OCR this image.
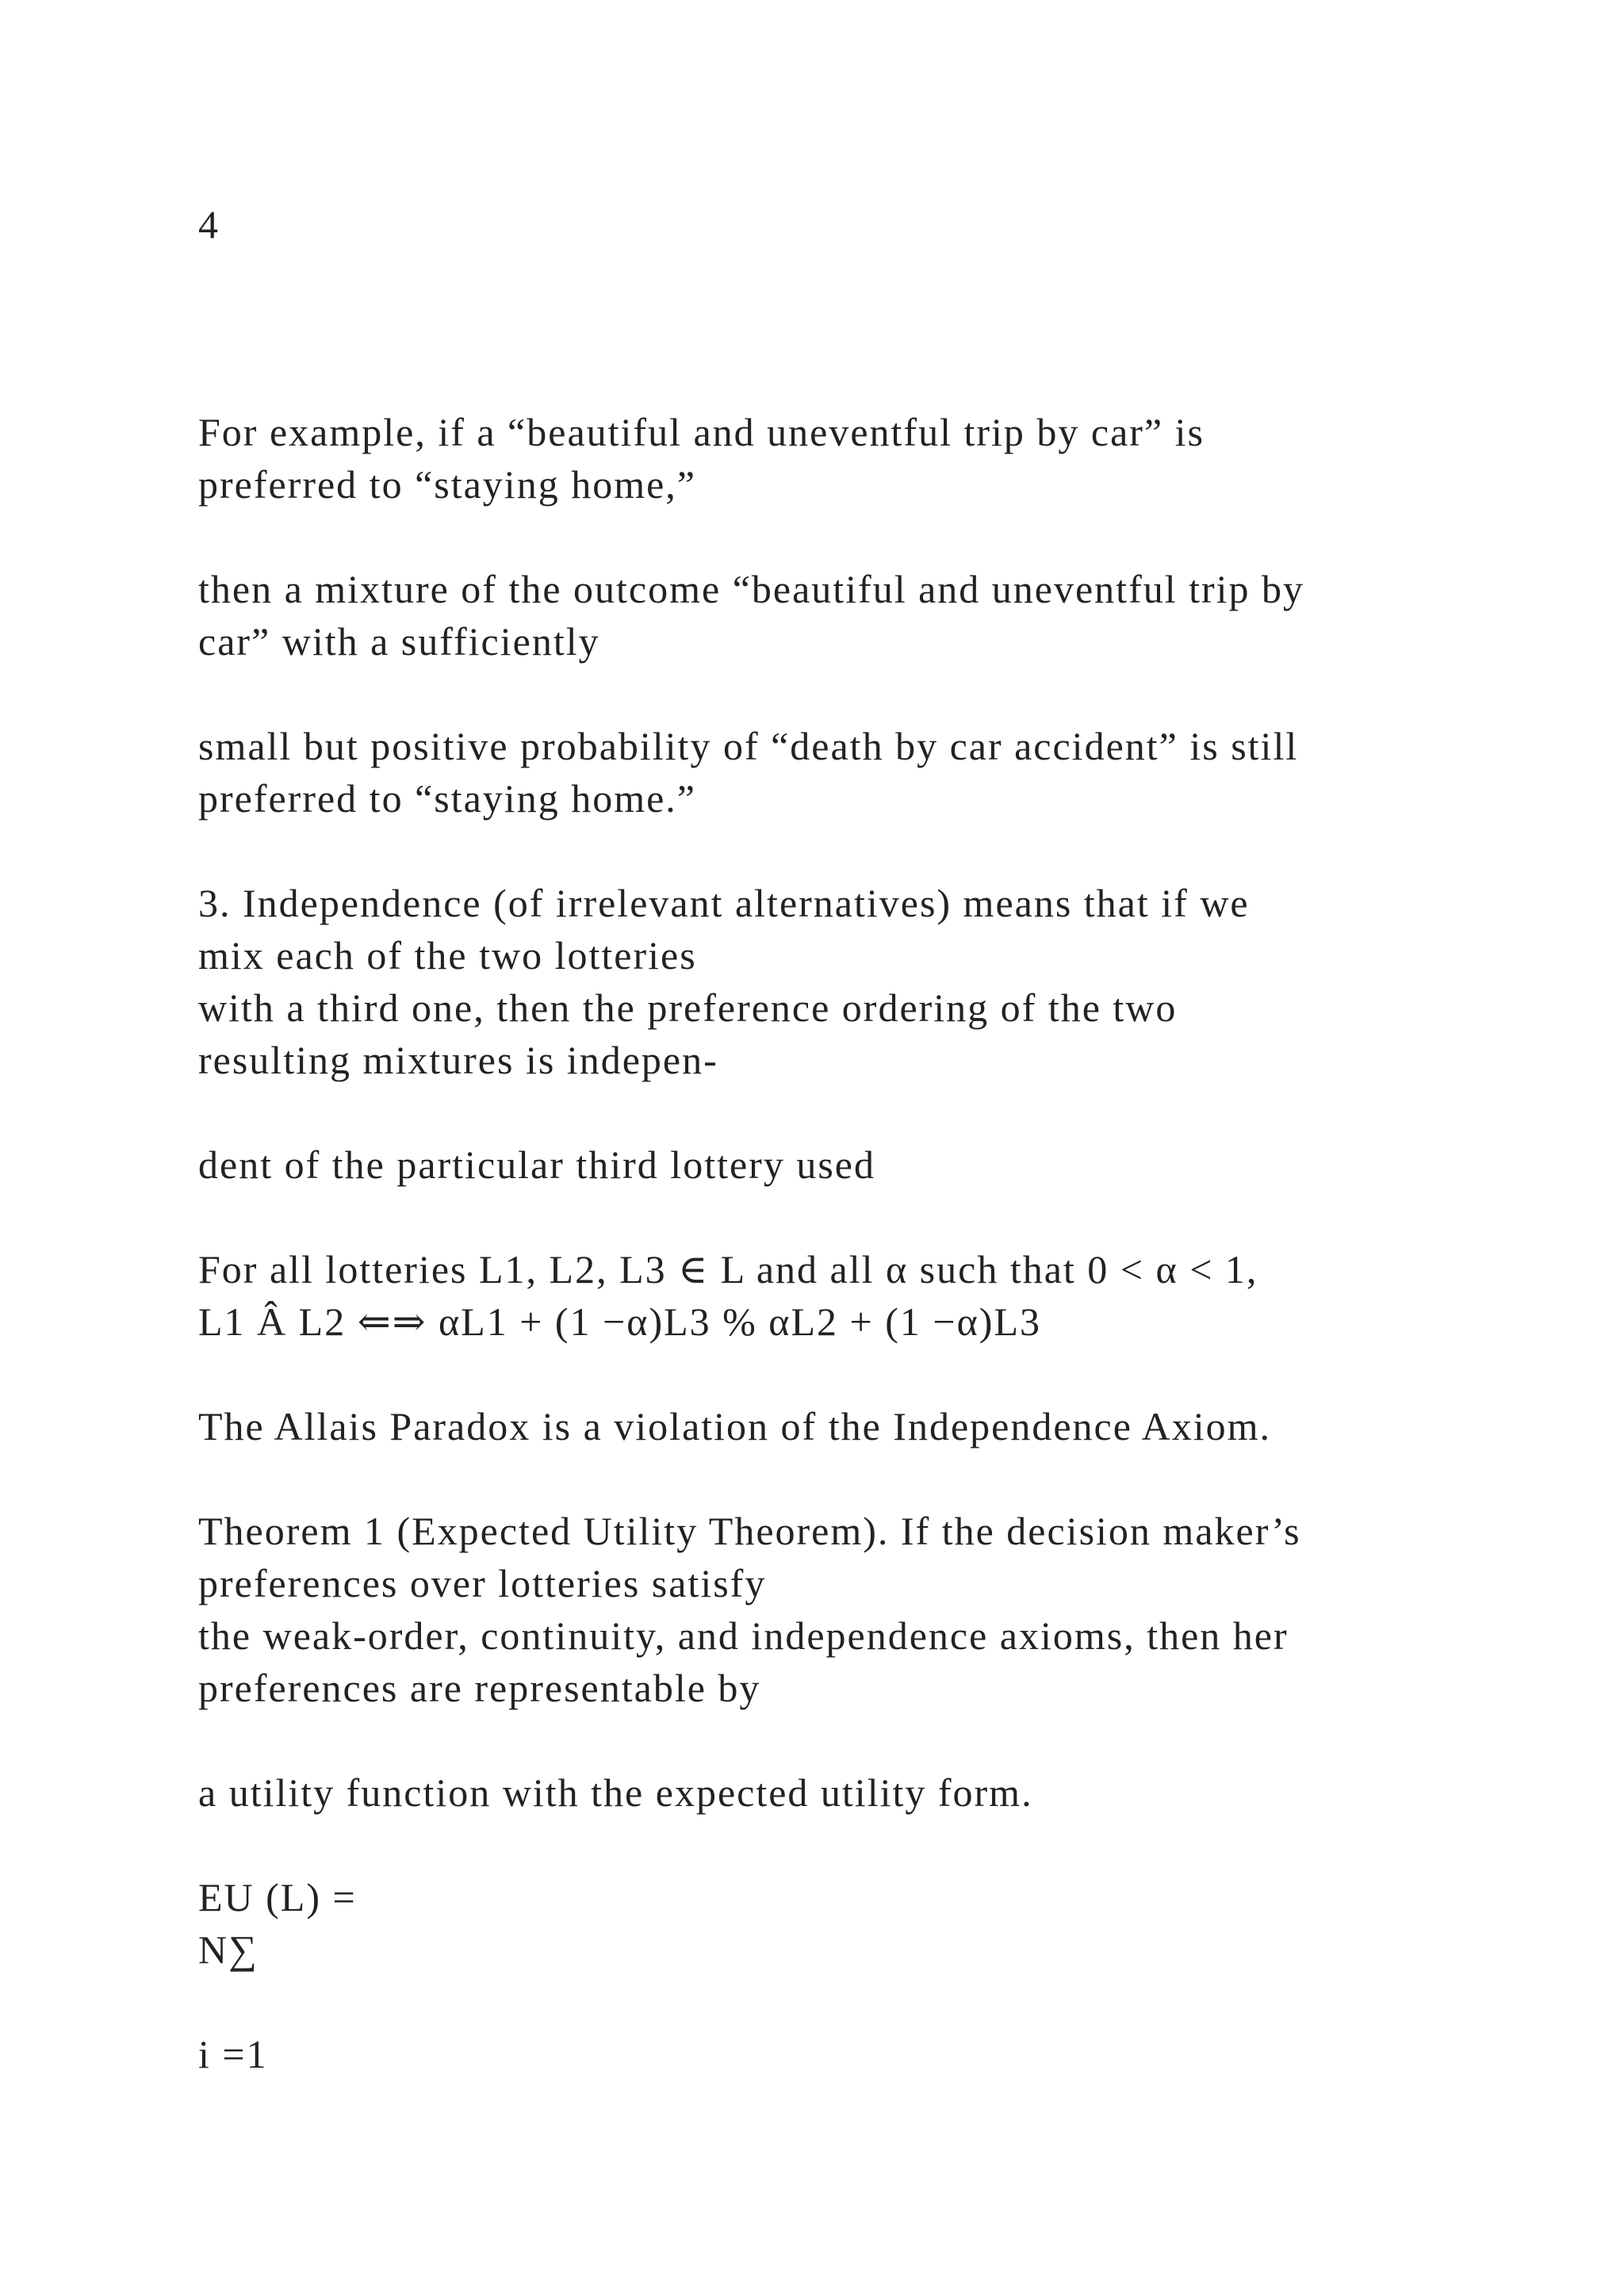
4

For example, if a “beautiful and uneventful trip by car” is
preferred to “staying home,”
then a mixture of the outcome “beautiful and uneventful trip by
car” with a sufficiently
small but positive probability of “death by car accident” is still
preferred to “staying home.”
3. Independence (of irrelevant alternatives) means that if we
mix each of the two lotteries
with a third one, then the preference ordering of the two
resulting mixtures is indepen-
dent of the particular third lottery used
For all lotteries L1, L2, L3 ∈ L and all α such that 0 < α < 1,
L1 Â L2 ⇐⇒ αL1 + (1 −α)L3 % αL2 + (1 −α)L3
The Allais Paradox is a violation of the Independence Axiom.
Theorem 1 (Expected Utility Theorem). If the decision maker’s
preferences over lotteries satisfy
the weak-order, continuity, and independence axioms, then her
preferences are representable by
a utility function with the expected utility form.
EU (L) =
N∑
i =1
